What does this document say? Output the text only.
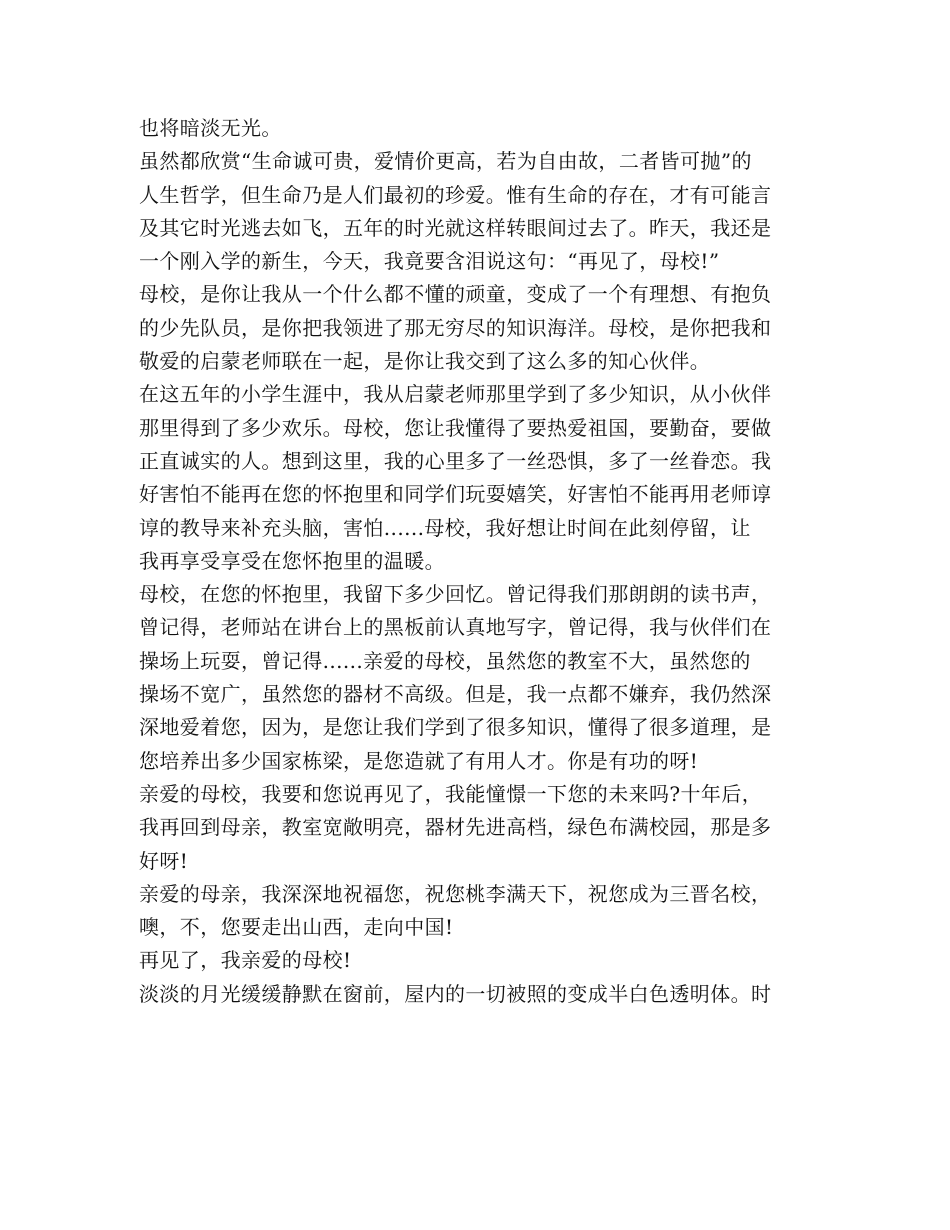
也将暗淡无光。
虽然都欣赏“生命诚可贵，爱情价更高，若为自由故，二者皆可抛”的
人生哲学，但生命乃是人们最初的珍爱。惟有生命的存在，才有可能言
及其它时光逃去如飞，五年的时光就这样转眼间过去了。昨天，我还是
一个刚入学的新生，今天，我竟要含泪说这句：“再见了，母校!”
母校，是你让我从一个什么都不懂的顽童，变成了一个有理想、有抱负
的少先队员，是你把我领进了那无穷尽的知识海洋。母校，是你把我和
敬爱的启蒙老师联在一起，是你让我交到了这么多的知心伙伴。
在这五年的小学生涯中，我从启蒙老师那里学到了多少知识，从小伙伴
那里得到了多少欢乐。母校，您让我懂得了要热爱祖国，要勤奋，要做
正直诚实的人。想到这里，我的心里多了一丝恐惧，多了一丝眷恋。我
好害怕不能再在您的怀抱里和同学们玩耍嬉笑，好害怕不能再用老师谆
谆的教导来补充头脑，害怕......母校，我好想让时间在此刻停留，让
我再享受享受在您怀抱里的温暖。
母校，在您的怀抱里，我留下多少回忆。曾记得我们那朗朗的读书声，
曾记得，老师站在讲台上的黑板前认真地写字，曾记得，我与伙伴们在
操场上玩耍，曾记得......亲爱的母校，虽然您的教室不大，虽然您的
操场不宽广，虽然您的器材不高级。但是，我一点都不嫌弃，我仍然深
深地爱着您，因为，是您让我们学到了很多知识，懂得了很多道理，是
您培养出多少国家栋梁，是您造就了有用人才。你是有功的呀!
亲爱的母校，我要和您说再见了，我能憧憬一下您的未来吗?十年后，
我再回到母亲，教室宽敞明亮，器材先进高档，绿色布满校园，那是多
好呀!
亲爱的母亲，我深深地祝福您，祝您桃李满天下，祝您成为三晋名校，
噢，不，您要走出山西，走向中国!
再见了，我亲爱的母校!
淡淡的月光缓缓静默在窗前，屋内的一切被照的变成半白色透明体。时
